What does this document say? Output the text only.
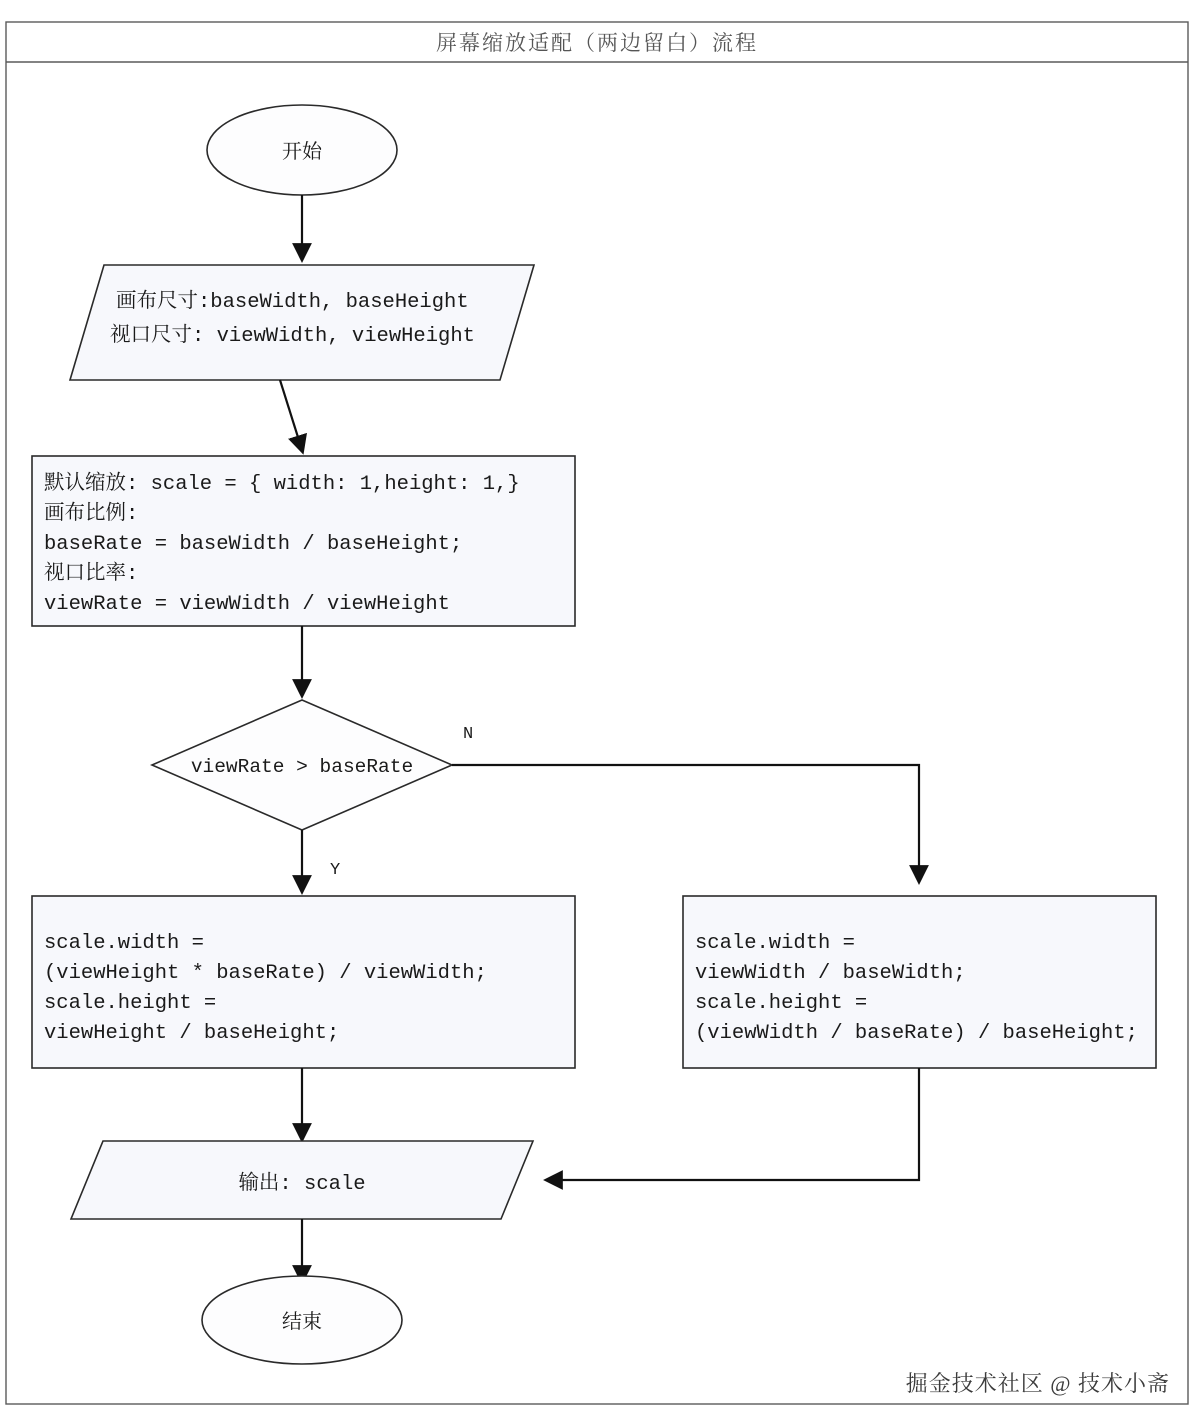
屏幕缩放适配（两边留白）流程
开始
画布尺寸:baseWidth, baseHeight
视口尺寸: viewWidth, viewHeight
默认缩放: scale = { width: 1,height: 1,}
画布比例:
baseRate = baseWidth / baseHeight;
视口比率:
viewRate = viewWidth / viewHeight
viewRate > baseRate
N
Y
scale.width =
(viewHeight * baseRate) / viewWidth;
scale.height =
viewHeight / baseHeight;
scale.width =
viewWidth / baseWidth;
scale.height =
(viewWidth / baseRate) / baseHeight;
输出: scale
结束
掘金技术社区 @ 技术小斋
